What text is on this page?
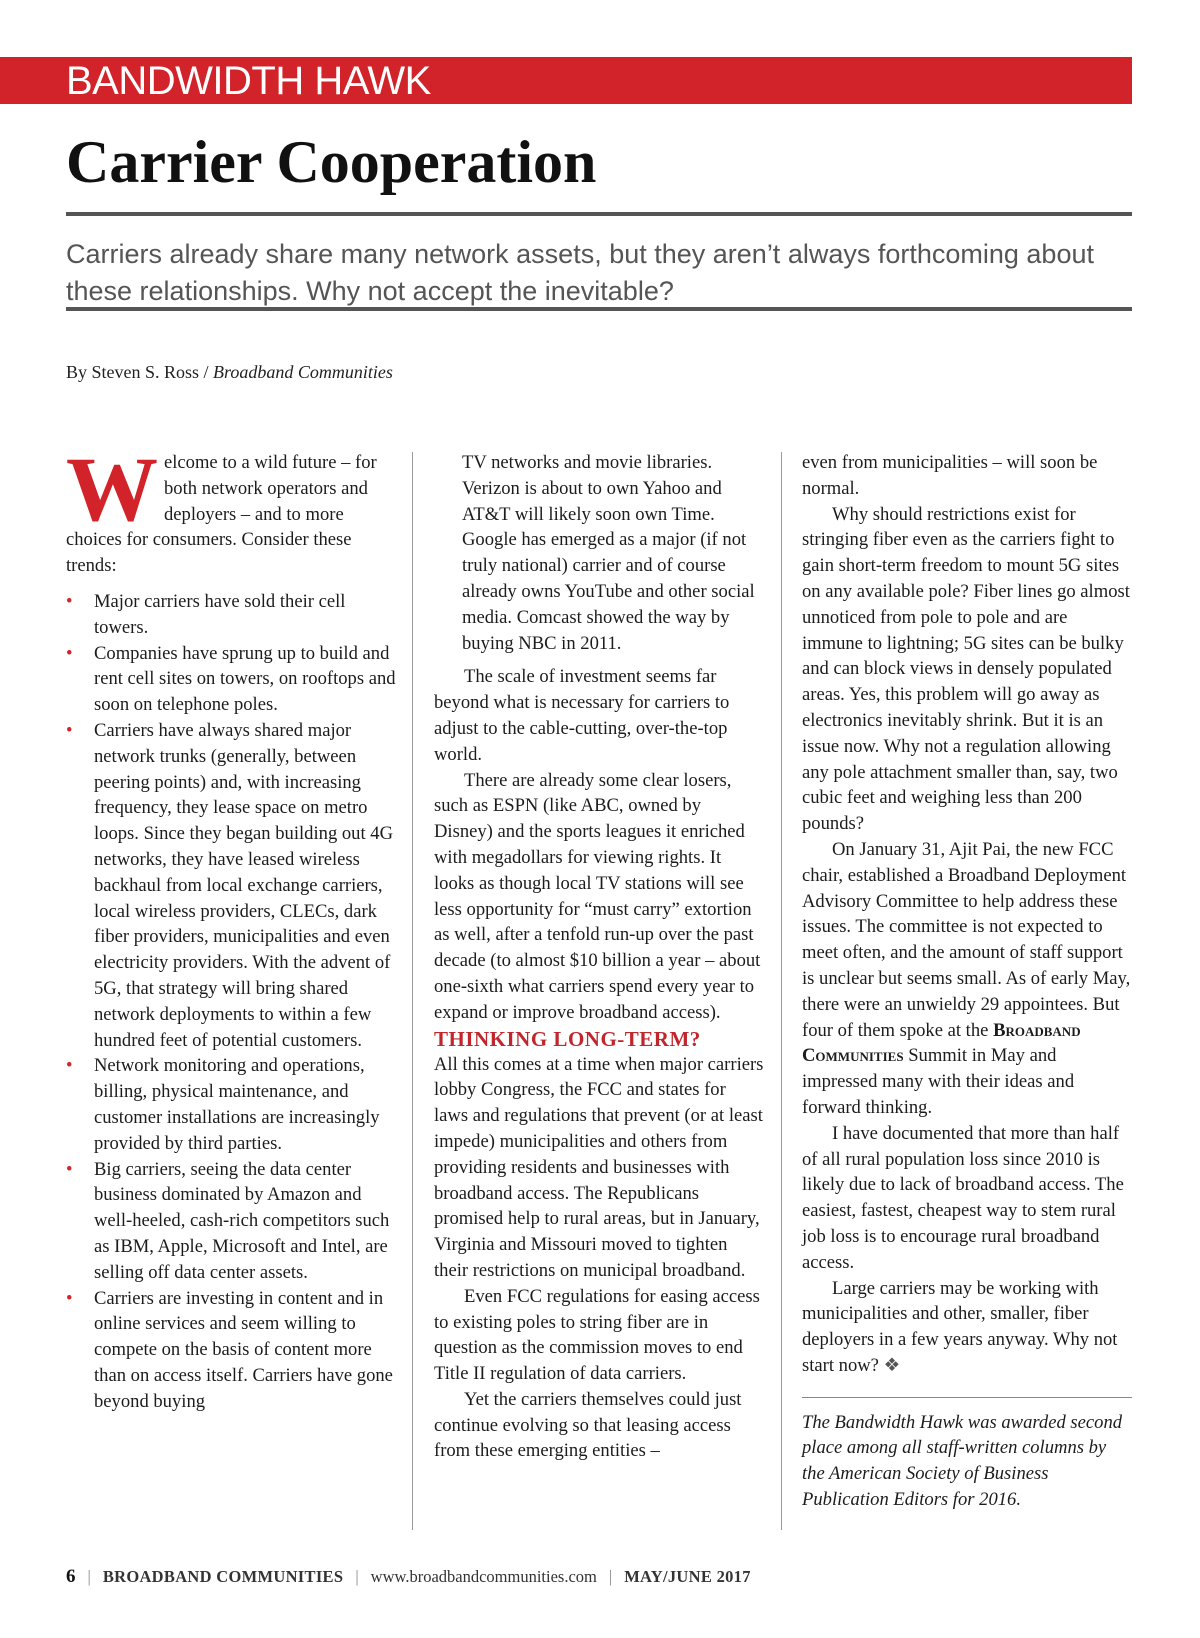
BANDWIDTH HAWK
Carrier Cooperation

Carriers already share many network assets, but they aren’t always forthcoming about these relationships. Why not accept the inevitable?

By Steven S. Ross / Broadband Communities

Welcome to a wild future – for both network operators and deployers – and to more choices for consumers. Consider these trends:

• Major carriers have sold their cell towers.
• Companies have sprung up to build and rent cell sites on towers, on rooftops and soon on telephone poles.
• Carriers have always shared major network trunks (generally, between peering points) and, with increasing frequency, they lease space on metro loops. Since they began building out 4G networks, they have leased wireless backhaul from local exchange carriers, local wireless providers, CLECs, dark fiber providers, municipalities and even electricity providers. With the advent of 5G, that strategy will bring shared network deployments to within a few hundred feet of potential customers.
• Network monitoring and operations, billing, physical maintenance, and customer installations are increasingly provided by third parties.
• Big carriers, seeing the data center business dominated by Amazon and well-heeled, cash-rich competitors such as IBM, Apple, Microsoft and Intel, are selling off data center assets.
• Carriers are investing in content and in online services and seem willing to compete on the basis of content more than on access itself. Carriers have gone beyond buying

TV networks and movie libraries. Verizon is about to own Yahoo and AT&T will likely soon own Time. Google has emerged as a major (if not truly national) carrier and of course already owns YouTube and other social media. Comcast showed the way by buying NBC in 2011.

The scale of investment seems far beyond what is necessary for carriers to adjust to the cable-cutting, over-the-top world.

There are already some clear losers, such as ESPN (like ABC, owned by Disney) and the sports leagues it enriched with megadollars for viewing rights. It looks as though local TV stations will see less opportunity for “must carry” extortion as well, after a tenfold run-up over the past decade (to almost $10 billion a year – about one-sixth what carriers spend every year to expand or improve broadband access).

THINKING LONG-TERM?

All this comes at a time when major carriers lobby Congress, the FCC and states for laws and regulations that prevent (or at least impede) municipalities and others from providing residents and businesses with broadband access. The Republicans promised help to rural areas, but in January, Virginia and Missouri moved to tighten their restrictions on municipal broadband.

Even FCC regulations for easing access to existing poles to string fiber are in question as the commission moves to end Title II regulation of data carriers.

Yet the carriers themselves could just continue evolving so that leasing access from these emerging entities –

even from municipalities – will soon be normal.

Why should restrictions exist for stringing fiber even as the carriers fight to gain short-term freedom to mount 5G sites on any available pole? Fiber lines go almost unnoticed from pole to pole and are immune to lightning; 5G sites can be bulky and can block views in densely populated areas. Yes, this problem will go away as electronics inevitably shrink. But it is an issue now. Why not a regulation allowing any pole attachment smaller than, say, two cubic feet and weighing less than 200 pounds?

On January 31, Ajit Pai, the new FCC chair, established a Broadband Deployment Advisory Committee to help address these issues. The committee is not expected to meet often, and the amount of staff support is unclear but seems small. As of early May, there were an unwieldy 29 appointees. But four of them spoke at the Broadband Communities Summit in May and impressed many with their ideas and forward thinking.

I have documented that more than half of all rural population loss since 2010 is likely due to lack of broadband access. The easiest, fastest, cheapest way to stem rural job loss is to encourage rural broadband access.

Large carriers may be working with municipalities and other, smaller, fiber deployers in a few years anyway. Why not start now? ❖

The Bandwidth Hawk was awarded second place among all staff-written columns by the American Society of Business Publication Editors for 2016.

6 | BROADBAND COMMUNITIES | www.broadbandcommunities.com | MAY/JUNE 2017
